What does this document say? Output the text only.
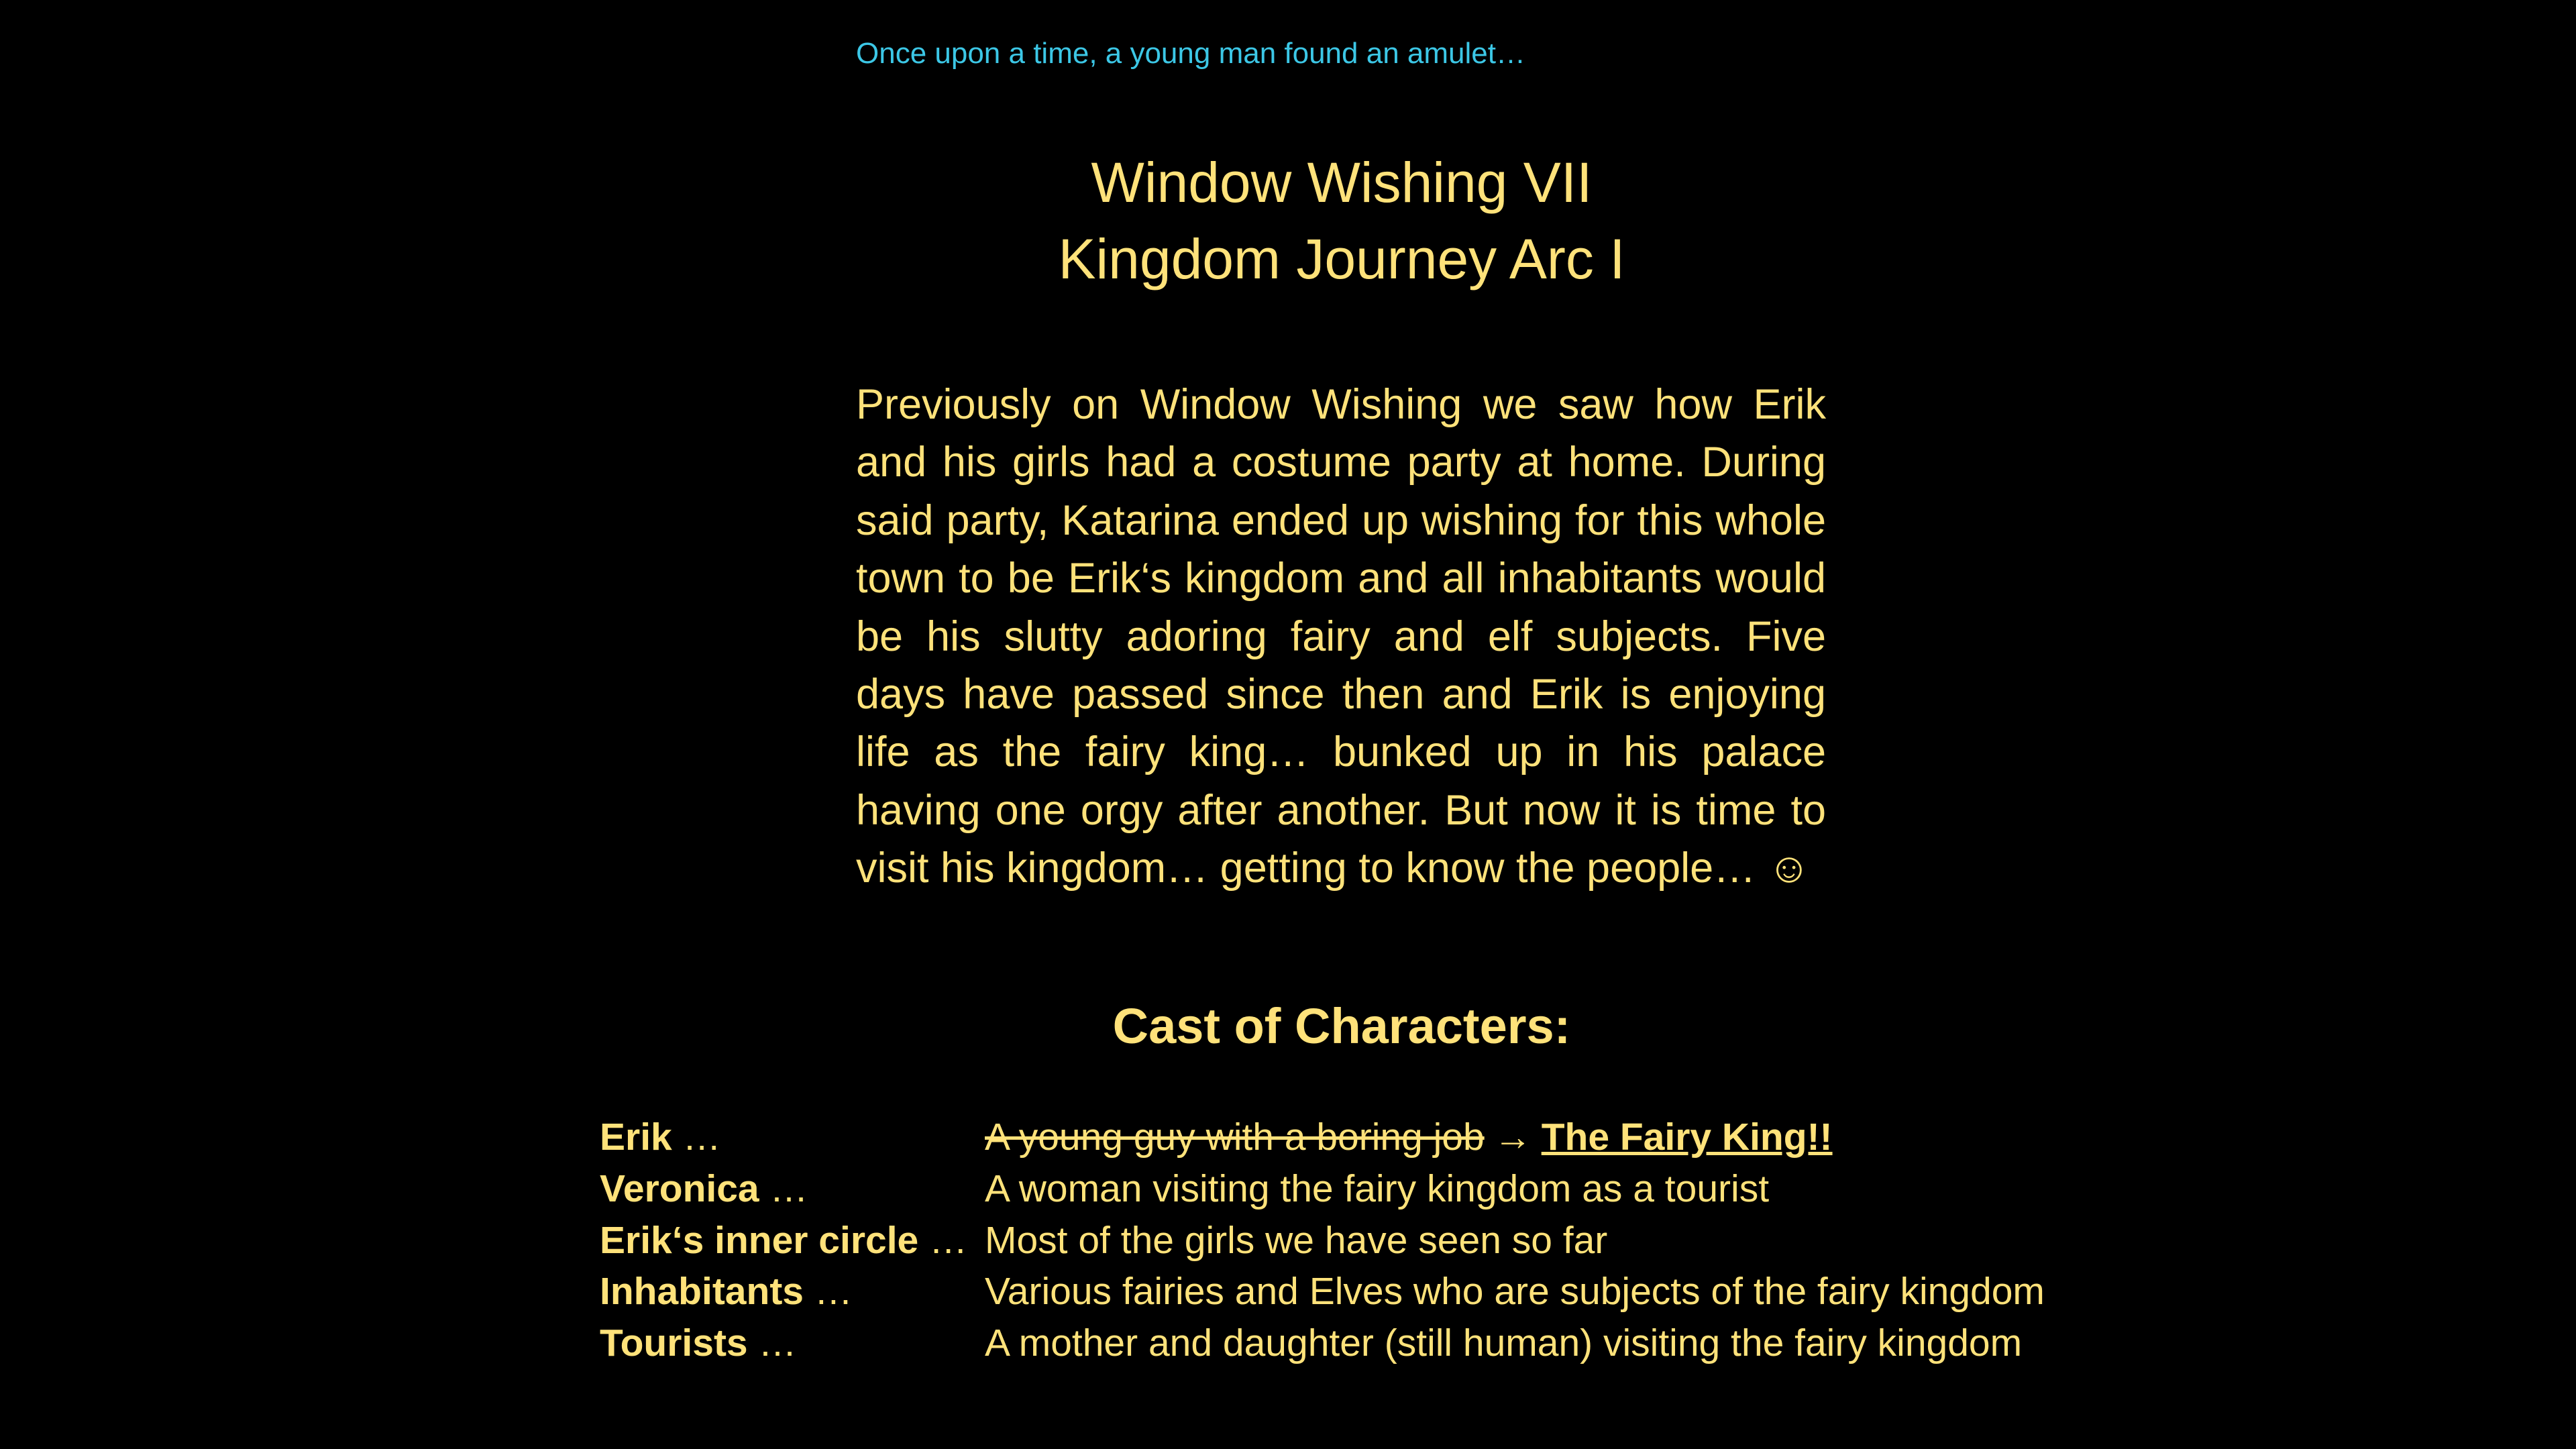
Once upon a time, a young man found an amulet…
Window Wishing VII
Kingdom Journey Arc I
Previously on Window Wishing we saw how Erik and his girls had a costume party at home. During said party, Katarina ended up wishing for this whole town to be Erik‘s kingdom and all inhabitants would be his slutty adoring fairy and elf subjects. Five days have passed since then and Erik is enjoying life as the fairy king… bunked up in his palace having one orgy after another. But now it is time to visit his kingdom… getting to know the people… ☺
Cast of Characters:
Erik …	A young guy with a boring job → The Fairy King!!
Veronica …	A woman visiting the fairy kingdom as a tourist
Erik‘s inner circle … Most of the girls we have seen so far
Inhabitants …	Various fairies and Elves who are subjects of the fairy kingdom
Tourists …	A mother and daughter (still human) visiting the fairy kingdom
